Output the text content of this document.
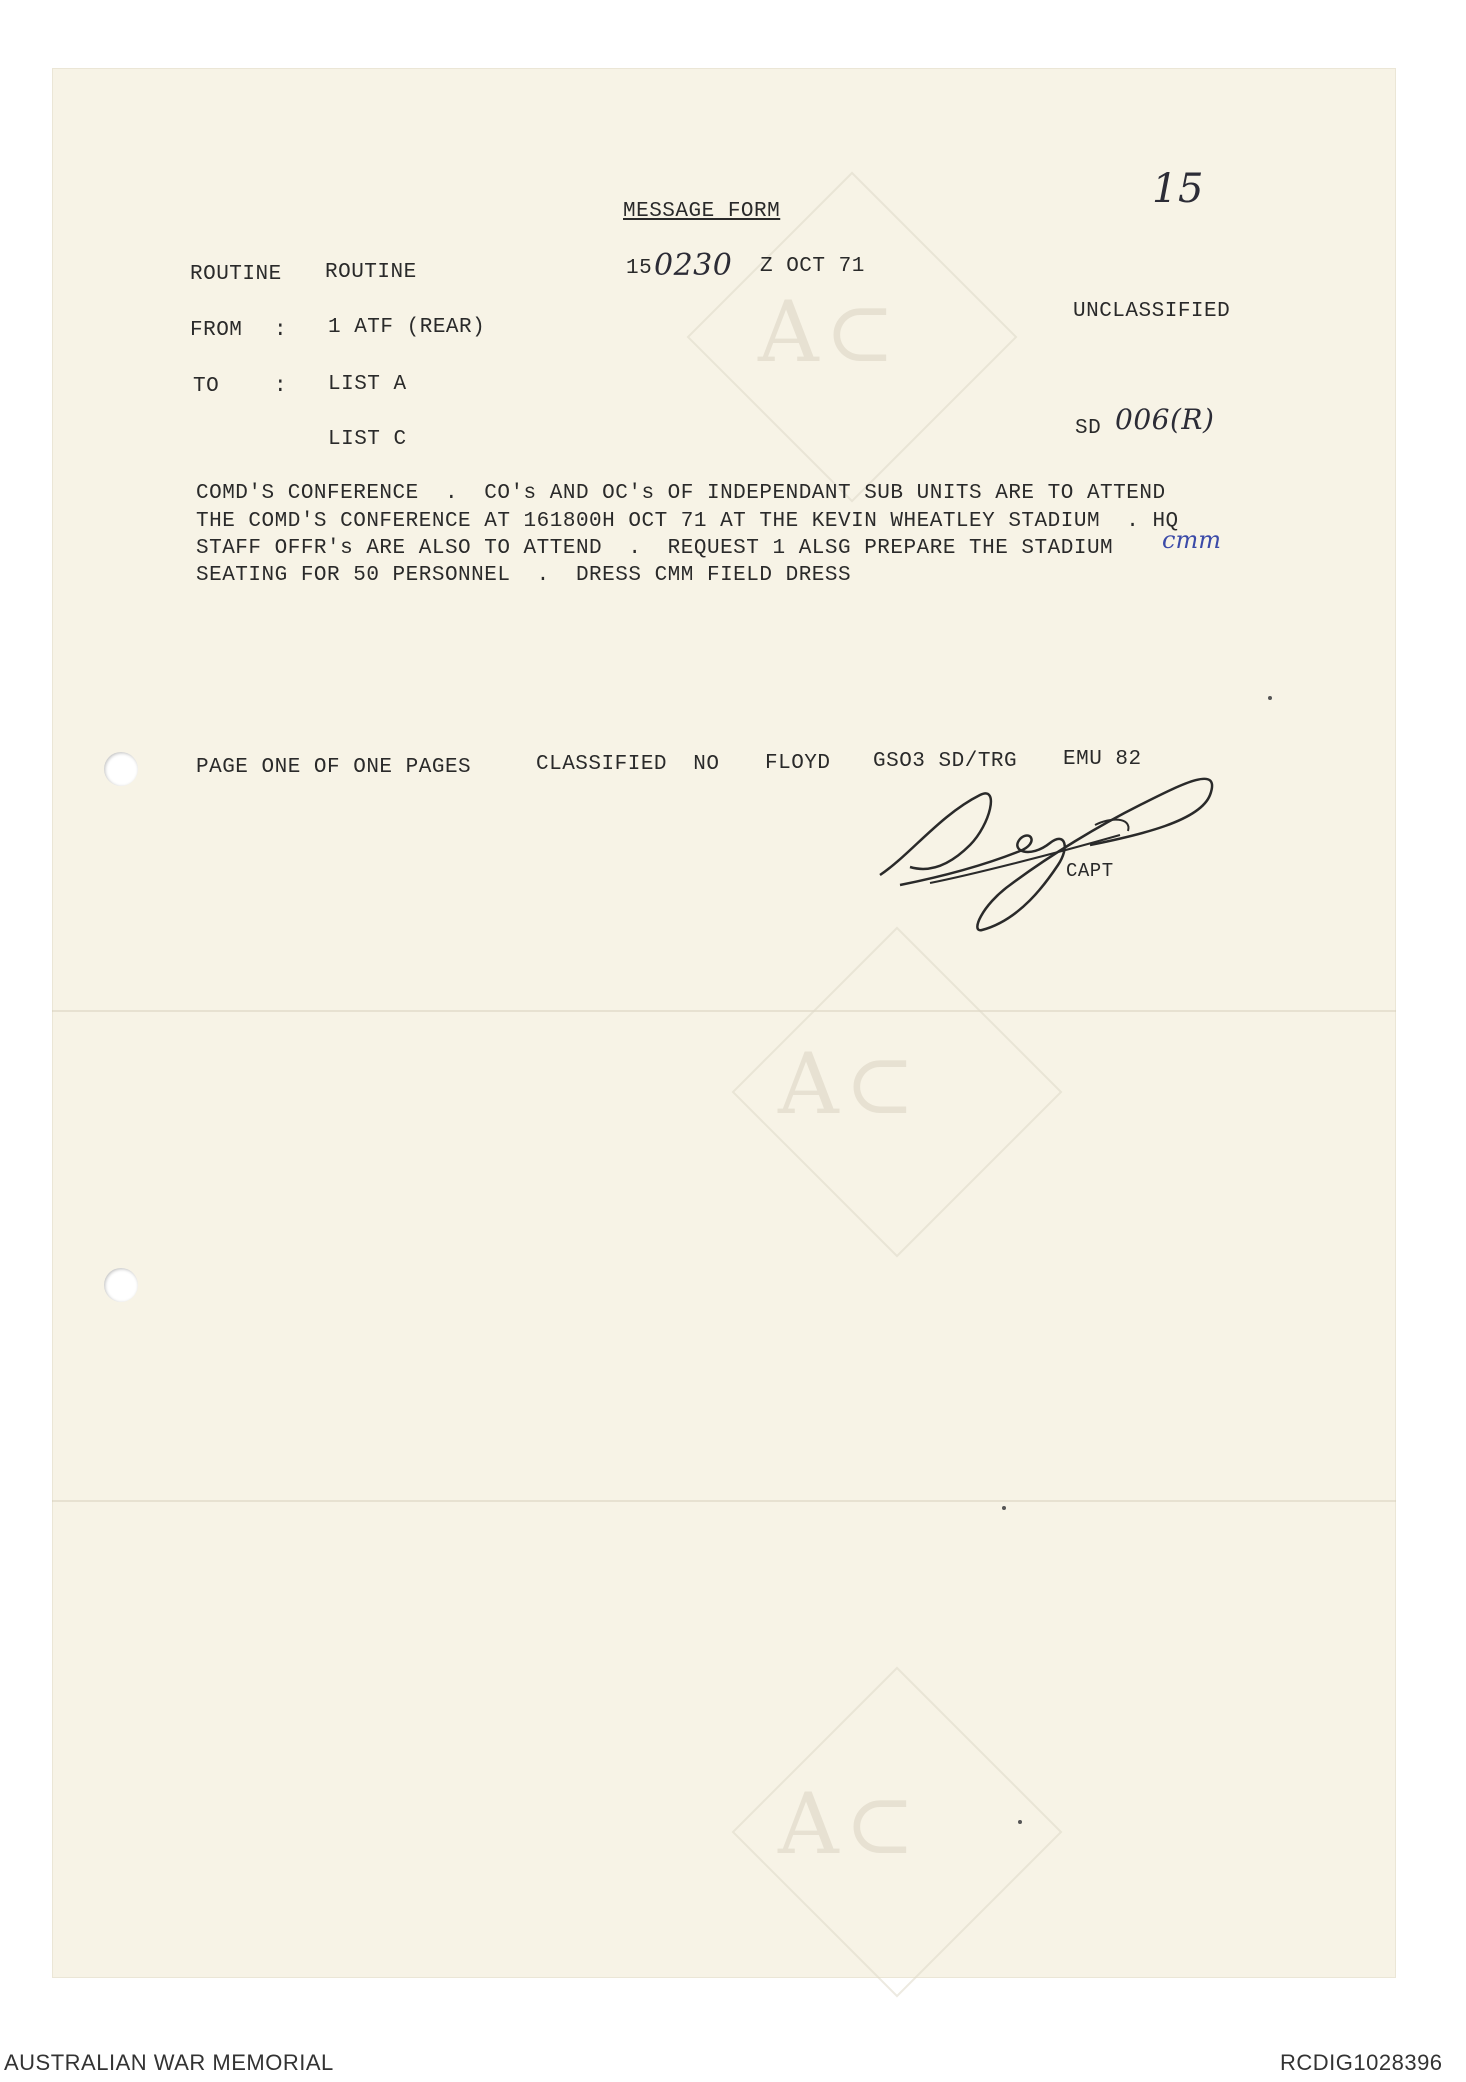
A⊂
A⊂
A⊂
15
MESSAGE FORM
ROUTINE ROUTINE	15 0230 Z OCT 71
UNCLASSIFIED
FROM : 1 ATF (REAR)
TO	: LIST A
LIST C	SD 006(R)
COMD'S CONFERENCE  .  CO's AND OC's OF INDEPENDANT SUB UNITS ARE TO ATTEND
THE COMD'S CONFERENCE AT 161800H OCT 71 AT THE KEVIN WHEATLEY STADIUM  . HQ
STAFF OFFR's ARE ALSO TO ATTEND  .  REQUEST 1 ALSG PREPARE THE STADIUM
SEATING FOR 50 PERSONNEL  .  DRESS CMM FIELD DRESS
cmm
PAGE ONE OF ONE PAGES	CLASSIFIED  NO FLOYD GSO3 SD/TRG EMU 82
CAPT
AUSTRALIAN WAR MEMORIAL	RCDIG1028396
